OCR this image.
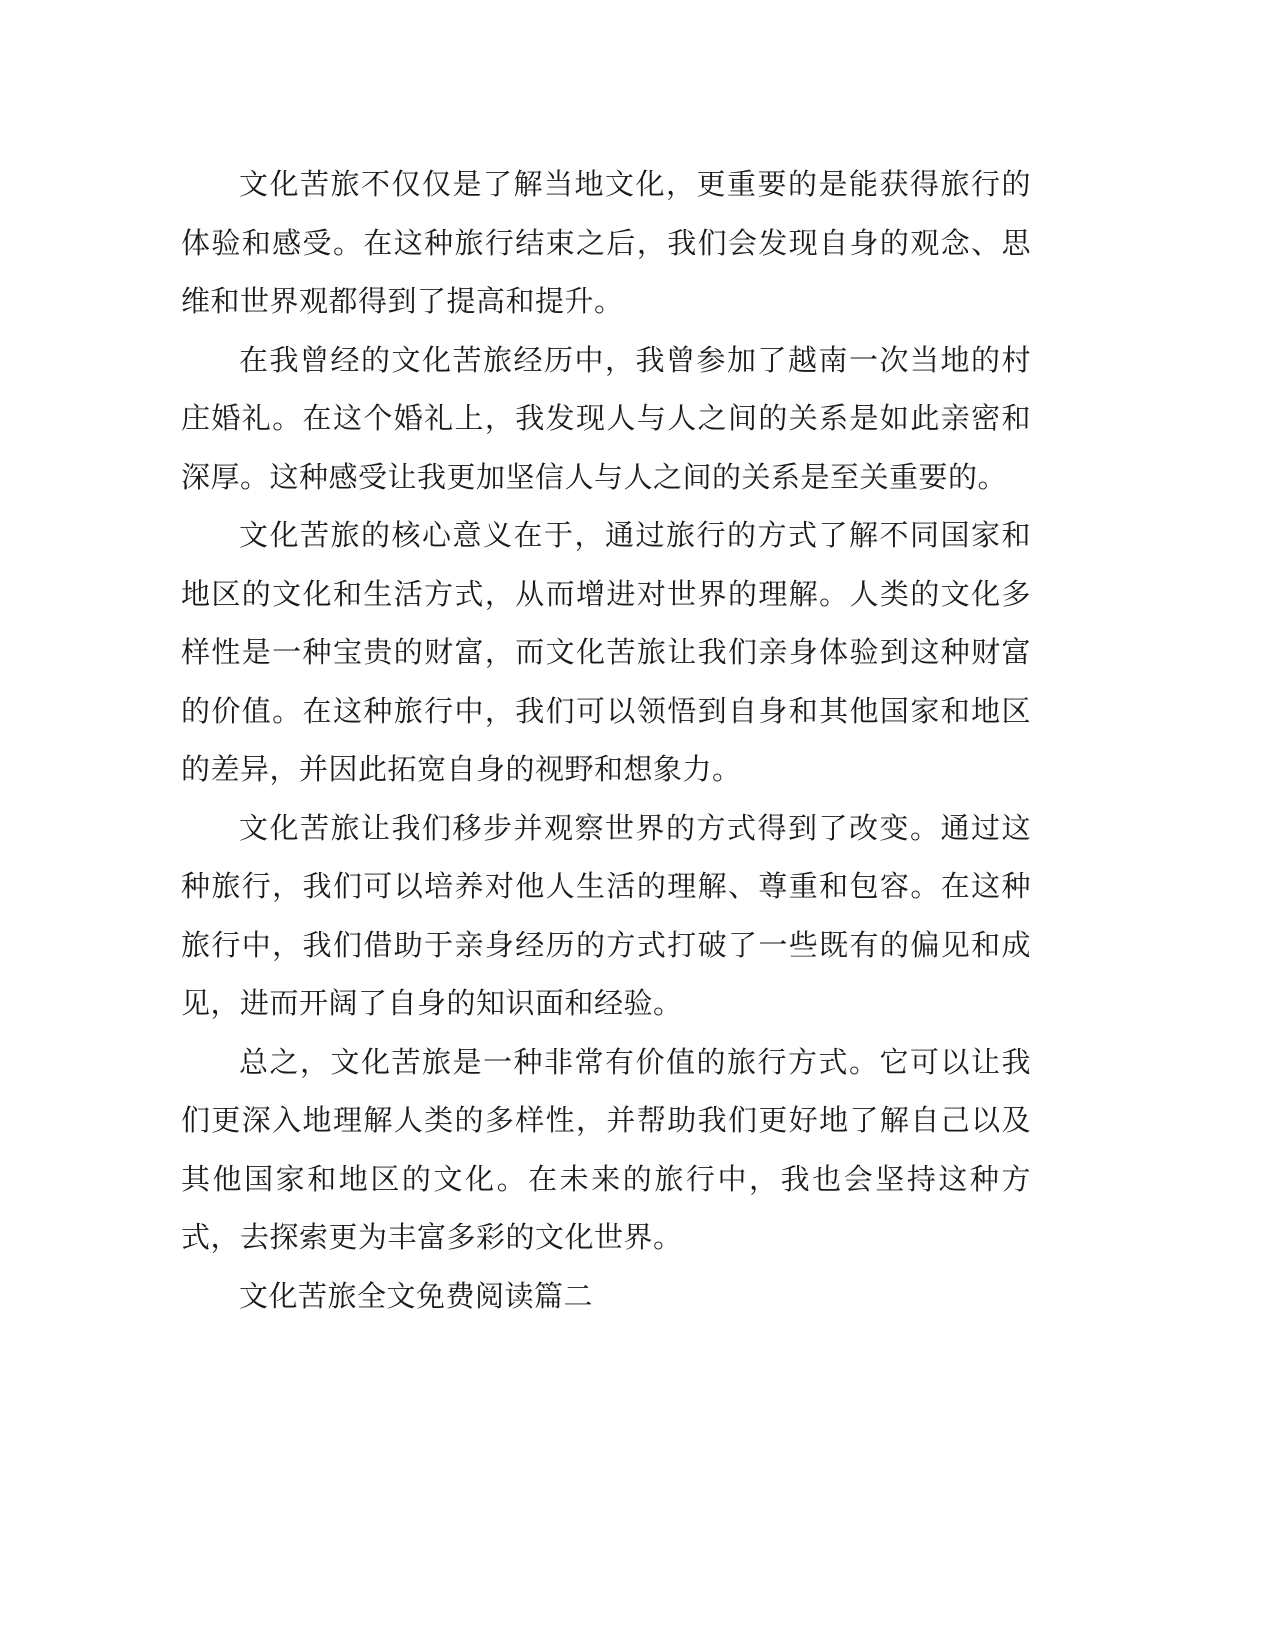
文化苦旅不仅仅是了解当地文化，更重要的是能获得旅行的体验和感受。在这种旅行结束之后，我们会发现自身的观念、思维和世界观都得到了提高和提升。

在我曾经的文化苦旅经历中，我曾参加了越南一次当地的村庄婚礼。在这个婚礼上，我发现人与人之间的关系是如此亲密和深厚。这种感受让我更加坚信人与人之间的关系是至关重要的。

文化苦旅的核心意义在于，通过旅行的方式了解不同国家和地区的文化和生活方式，从而增进对世界的理解。人类的文化多样性是一种宝贵的财富，而文化苦旅让我们亲身体验到这种财富的价值。在这种旅行中，我们可以领悟到自身和其他国家和地区的差异，并因此拓宽自身的视野和想象力。

文化苦旅让我们移步并观察世界的方式得到了改变。通过这种旅行，我们可以培养对他人生活的理解、尊重和包容。在这种旅行中，我们借助于亲身经历的方式打破了一些既有的偏见和成见，进而开阔了自身的知识面和经验。

总之，文化苦旅是一种非常有价值的旅行方式。它可以让我们更深入地理解人类的多样性，并帮助我们更好地了解自己以及其他国家和地区的文化。在未来的旅行中，我也会坚持这种方式，去探索更为丰富多彩的文化世界。

文化苦旅全文免费阅读篇二
